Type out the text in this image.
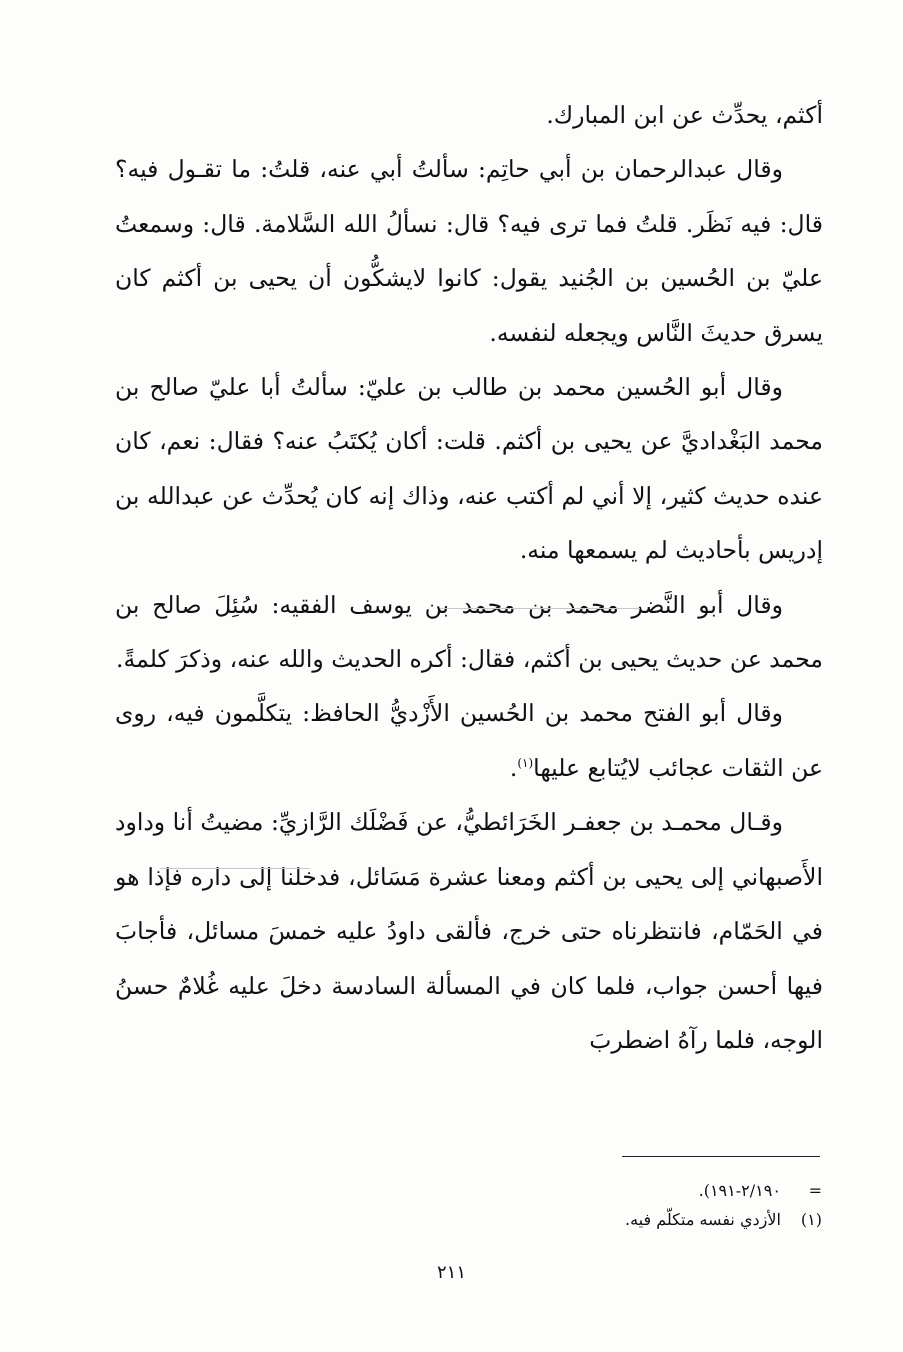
أكثم، يحدِّث عن ابن المبارك.

وقال عبدالرحمان بن أبي حاتِم: سألتُ أبي عنه، قلتُ: ما تقـول فيه؟ قال: فيه نَظَر. قلتُ فما ترى فيه؟ قال: نسألُ الله السَّلامة. قال: وسمعتُ عليّ بن الحُسين بن الجُنيد يقول: كانوا لايشكُّون أن يحيى بن أكثم كان يسرق حديثَ النَّاس ويجعله لنفسه.

وقال أبو الحُسين محمد بن طالب بن عليّ: سألتُ أبا عليّ صالح بن محمد البَغْداديَّ عن يحيى بن أكثم. قلت: أكان يُكتَبُ عنه؟ فقال: نعم، كان عنده حديث كثير، إلا أني لم أكتب عنه، وذاك إنه كان يُحدِّث عن عبدالله بن إدريس بأحاديث لم يسمعها منه.

وقال أبو النَّضر محمد بن محمد بن يوسف الفقيه: سُئِلَ صالح بن محمد عن حديث يحيى بن أكثم، فقال: أكره الحديث والله عنه، وذكرَ كلمةً.

وقال أبو الفتح محمد بن الحُسين الأَزْديُّ الحافظ: يتكلَّمون فيه، روى عن الثقات عجائب لايُتابع عليها$^{(١)}$.

وقـال محمـد بن جعفـر الخَرَائطيُّ، عن فَضْلَك الرَّازيِّ: مضيتُ أنا وداود الأَصبهاني إلى يحيى بن أكثم ومعنا عشرة مَسَائل، فدخلنا إلى داره فإذا هو في الحَمّام، فانتظرناه حتى خرج، فألقى داودُ عليه خمسَ مسائل، فأجابَ فيها أحسن جواب، فلما كان في المسألة السادسة دخلَ عليه غُلامٌ حسنُ الوجه، فلما رآهُ اضطربَ

= ٢/١٩٠-١٩١).
(١) الأزدي نفسه متكلّم فيه.
٢١١
